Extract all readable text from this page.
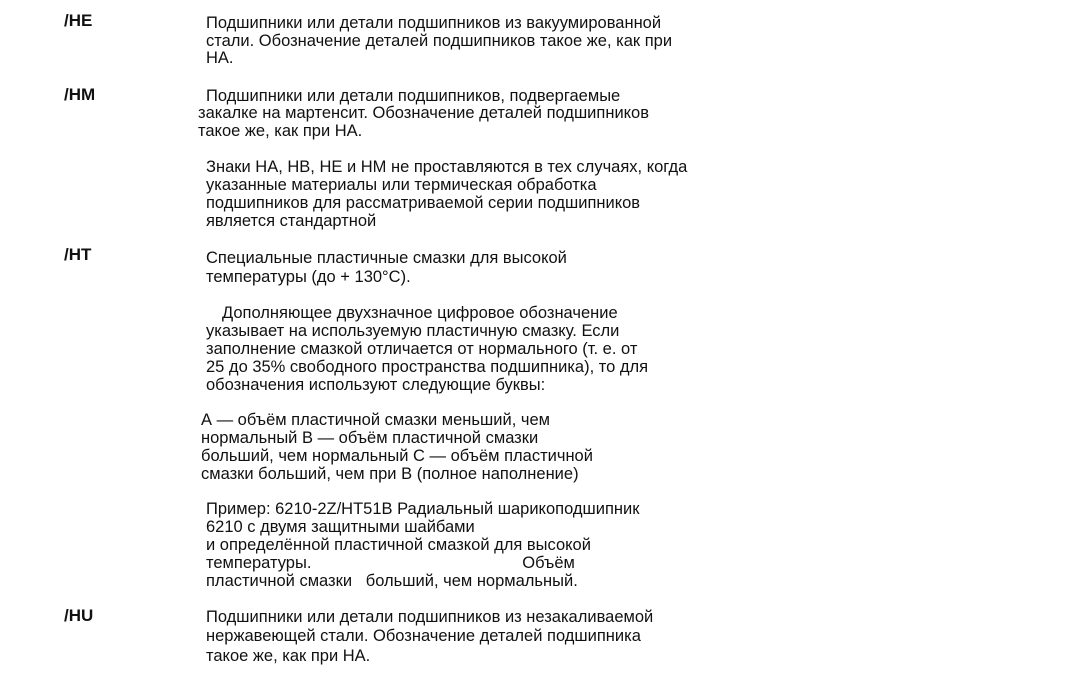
/HE
/HM
/HT
/HU
Подшипники или детали подшипников из вакуумированной
стали. Обозначение деталей подшипников такое же, как при
НА.
Подшипники или детали подшипников, подвергаемые
закалке на мартенсит. Обозначение деталей подшипников
такое же, как при НА.
Знаки НА, НВ, НЕ и НМ не проставляются в тех случаях, когда
указанные материалы или термическая обработка
подшипников для рассматриваемой серии подшипников
является стандартной
Специальные пластичные смазки для высокой
температуры (до + 130°С).
Дополняющее двухзначное цифровое обозначение
указывает на используемую пластичную смазку. Если
заполнение смазкой отличается от нормального (т. е. от
25 до 35% свободного пространства подшипника), то для
обозначения используют следующие буквы:
А — объём пластичной смазки меньший, чем
нормальный В — объём пластичной смазки
больший, чем нормальный С — объём пластичной
смазки больший, чем при В (полное наполнение)
Пример: 6210-2Z/HT51B Радиальный шарикоподшипник
6210 с двумя защитными шайбами
и определённой пластичной смазкой для высокой
температуры.                                              Объём
пластичной смазки   больший, чем нормальный.
Подшипники или детали подшипников из незакаливаемой
нержавеющей стали. Обозначение деталей подшипника
такое же, как при НА.
